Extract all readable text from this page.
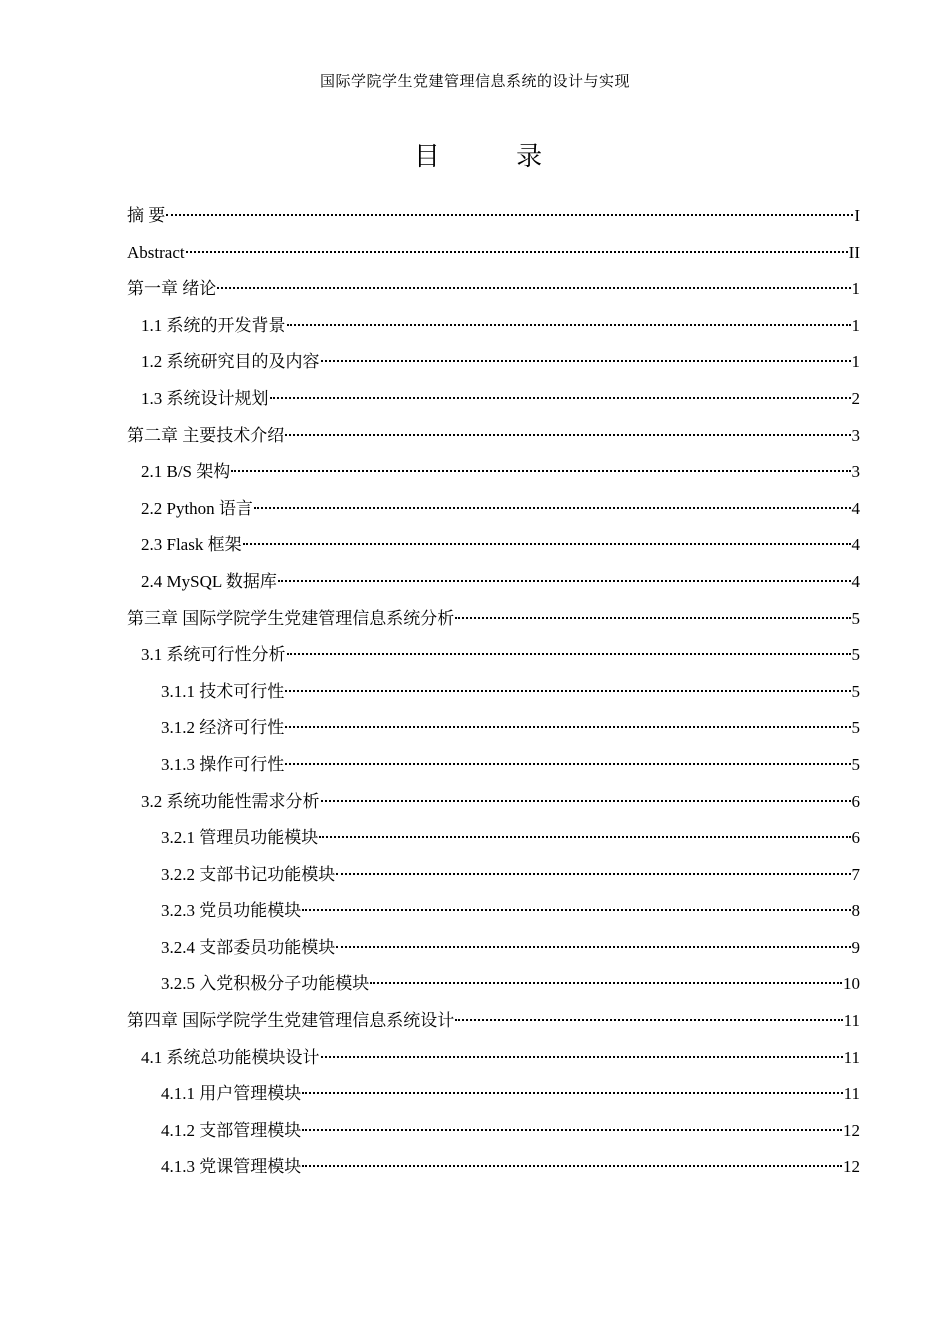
国际学院学生党建管理信息系统的设计与实现
目 录
摘 要	I
Abstract	II
第一章 绪论	1
1.1 系统的开发背景	1
1.2 系统研究目的及内容	1
1.3 系统设计规划	2
第二章 主要技术介绍	3
2.1 B/S 架构	3
2.2 Python 语言	4
2.3 Flask 框架	4
2.4 MySQL 数据库	4
第三章 国际学院学生党建管理信息系统分析	5
3.1 系统可行性分析	5
3.1.1 技术可行性	5
3.1.2 经济可行性	5
3.1.3 操作可行性	5
3.2 系统功能性需求分析	6
3.2.1 管理员功能模块	6
3.2.2 支部书记功能模块	7
3.2.3 党员功能模块	8
3.2.4 支部委员功能模块	9
3.2.5 入党积极分子功能模块	10
第四章 国际学院学生党建管理信息系统设计	11
4.1 系统总功能模块设计	11
4.1.1 用户管理模块	11
4.1.2 支部管理模块	12
4.1.3 党课管理模块	12
